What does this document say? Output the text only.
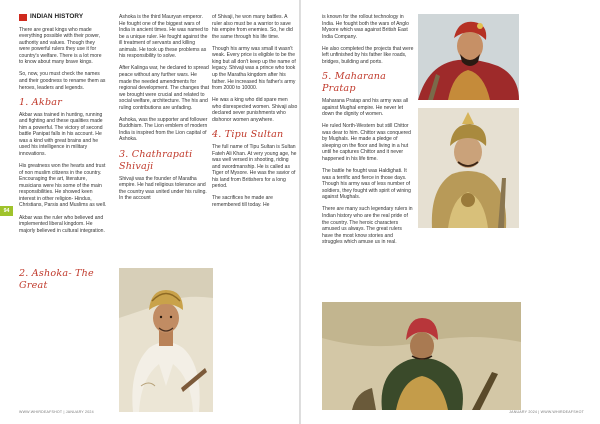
94
INDIAN HISTORY

There are great kings who made everything possible with their power, authority and values. Though they were powerful rulers they use it for country's welfare. There is a lot more to know about many brave kings.

So, now, you must check the names and their goodness to rename them as heroes, leaders and legends.

1. Akbar

Akbar was trained in hunting, running and fighting and these qualities made him a powerful. The victory of second battle Panipat falls in his account. He was a kind with great brains and he used his intelligence in military innovations.

His greatness won the hearts and trust of non muslim citizens in the country. Encouraging the art, literature, musicians were his some of the main responsibilities. He showed keen interest in other religion- Hindus, Christians, Parsis and Muslims as well.

Akbar was the ruler who believed and implemented liberal kingdom. He majorly believed in cultural integration.

2. Ashoka- The Great

Ashoka is the third Mauryan emperor. He fought one of the biggest wars of India in ancient times. He was named to be a unique ruler. He fought against the ill treatment of servants and killing animals. He took up these problems as his responsibility to solve.

After Kalinga war, he declared to spread peace without any further wars. He made the needed amendments for regional development. The changes that we brought were crucial and related to social welfare, architecture. The his and ruling contributions are unfading.

Ashoka, was the supporter and follower Buddhism. The Lion emblem of modern India is inspired from the Lion capital of Ashoka.

3. Chathrapati Shivaji

Shivaji was the founder of Maratha empire. He had religious tolerance and the country was united under his ruling. In the account

of Shivaji, he won many battles. A ruler also must be a warrior to save his empire from enemies. So, he did the same through his life time.

Though his army was small it wasn't weak. Every price is eligible to be the king but all don't keep up the name of legacy. Shivaji was a prince who took up the Maratha kingdom after his father. He increased his father's army from 2000 to 10000.

He was a king who did spare men who disrespected women. Shivaji also declared sever punishments who dishonor women anywhere.

4. Tipu Sultan

The full name of Tipu Sultan is Sultan Fateh Ali Khan. At very young age, he was well versed in shooting, riding and swordmanship. He is called as Tiger of Mysore. He was the savior of his land from Britishers for a long period.

The sacrifices he made are remembered till today. He

is known for the rollout technology in India. He fought both the wars of Anglo Mysore which was against British East India Company.

He also completed the projects that were left unfinished by his father like roads, bridges, building and ports.

5. Maharana Pratap

Maharana Pratap and his army was all against Mughal empire. He never let down the dignity of women.

He ruled North-Western but still Chittor was dear to him. Chittor was conquered by Mughals. He made a pledge of sleeping on the floor and living in a hut until he captures Chittor and it never happened in his life time.

The battle he fought was Haldighati. It was a terrific and fierce in those days. Though his army was of less number of soldiers, they fought with spirit of wining against Mughals.

There are many such legendary rulers in Indian history who are the real pride of the country. The heroic characters amused us always. The great rulers have the most know stories and struggles which amuse us in real.

WWW.WHIRDEAFSHOT | JANUARY 2024	JANUARY 2024 | WWW.WHIRDEAFSHOT
